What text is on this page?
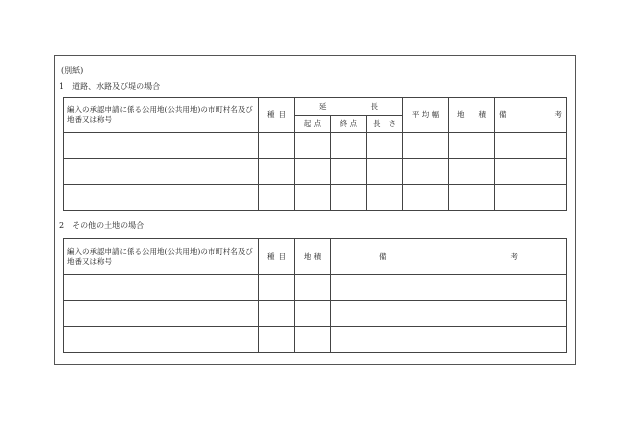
(別紙)
1　道路、水路及び堤の場合
編入の承認申請に係る公用地(公共用地)の市町村名及び地番又は称号	種 目	延 長			平 均 幅	地 積	備 考

		起 点	終 点	長 さ			

2　その他の土地の場合
編入の承認申請に係る公用地(公共用地)の市町村名及び地番又は称号	種 目	地 積	備 考
